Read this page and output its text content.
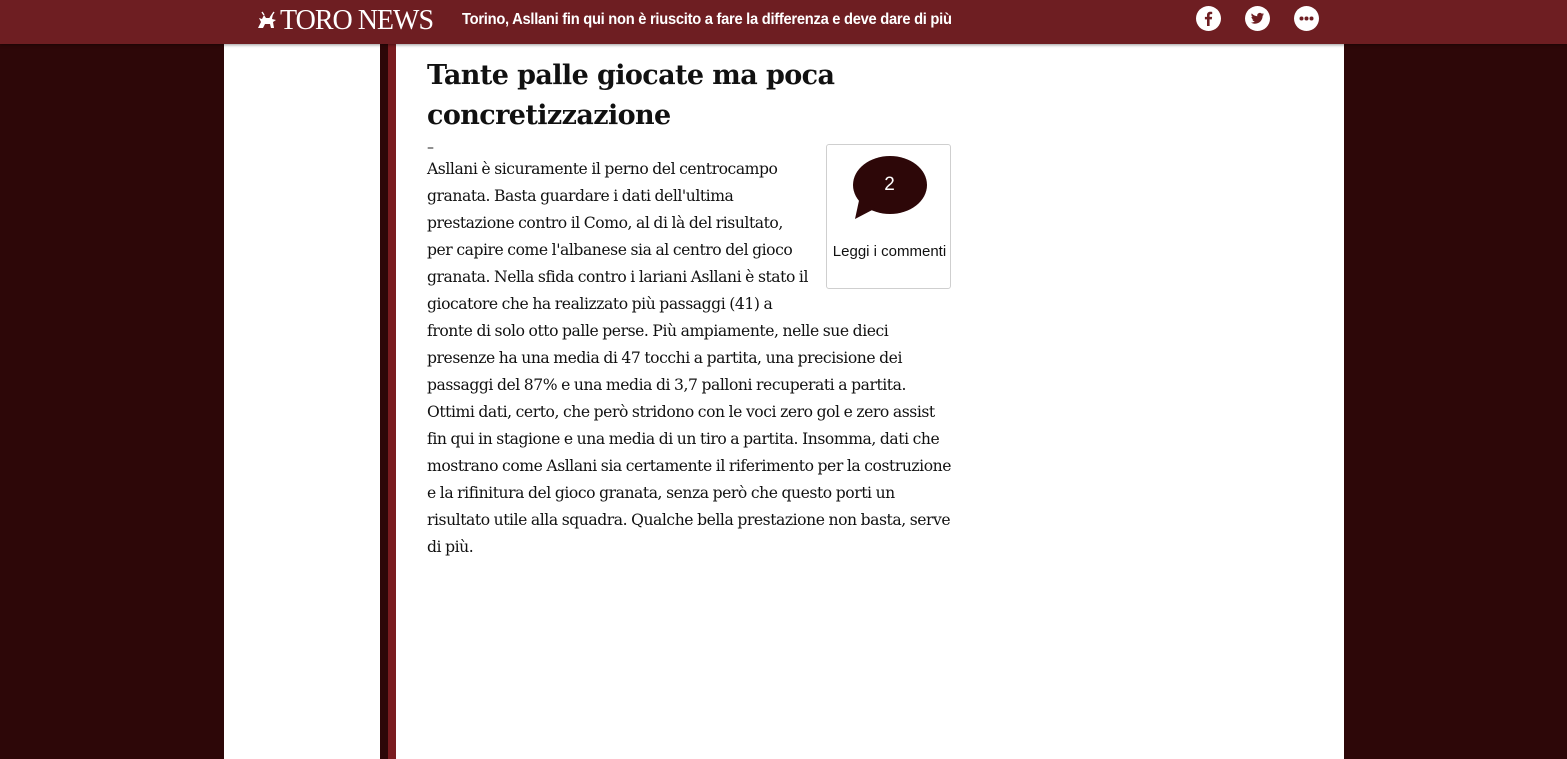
TORO NEWS Torino, Asllani fin qui non è riuscito a fare la differenza e deve dare di più
Tante palle giocate ma poca concretizzazione
–
2
Leggi i commenti

Asllani è sicuramente il perno del centrocampo granata. Basta guardare i dati dell'ultima prestazione contro il Como, al di là del risultato, per capire come l'albanese sia al centro del gioco granata. Nella sfida contro i lariani Asllani è stato il giocatore che ha realizzato più passaggi (41) a fronte di solo otto palle perse. Più ampiamente, nelle sue dieci presenze ha una media di 47 tocchi a partita, una precisione dei passaggi del 87% e una media di 3,7 palloni recuperati a partita. Ottimi dati, certo, che però stridono con le voci zero gol e zero assist fin qui in stagione e una media di un tiro a partita. Insomma, dati che mostrano come Asllani sia certamente il riferimento per la costruzione e la rifinitura del gioco granata, senza però che questo porti un risultato utile alla squadra. Qualche bella prestazione non basta, serve di più.
